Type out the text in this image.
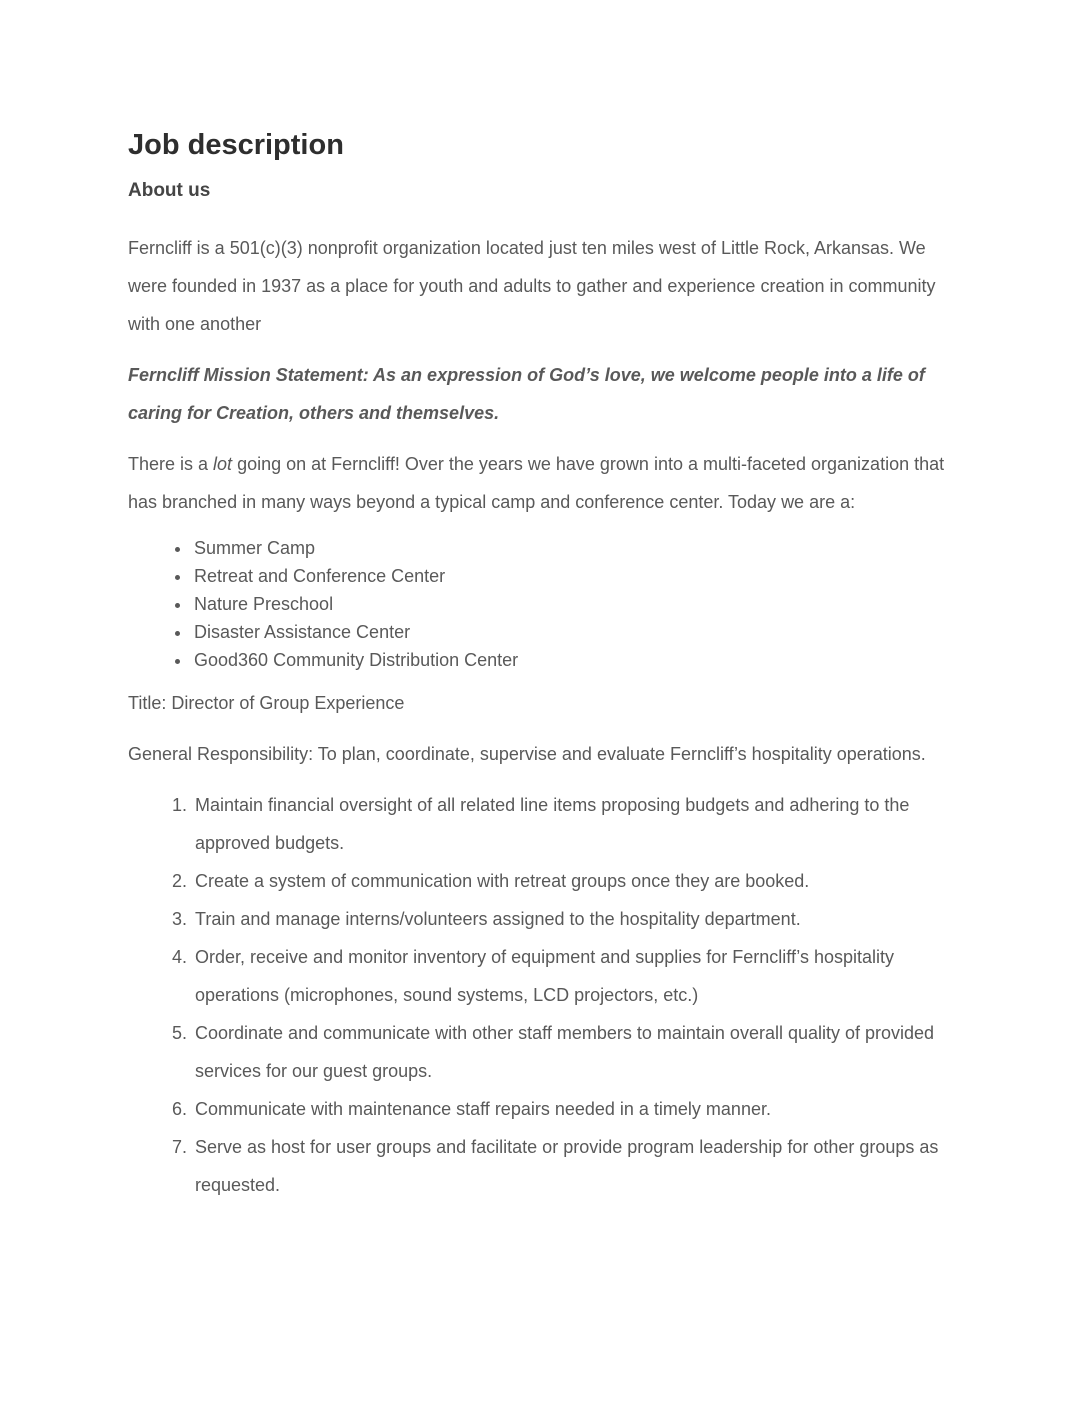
Job description
About us

Ferncliff is a 501(c)(3) nonprofit organization located just ten miles west of Little Rock, Arkansas. We were founded in 1937 as a place for youth and adults to gather and experience creation in community with one another

Ferncliff Mission Statement: As an expression of God’s love, we welcome people into a life of caring for Creation, others and themselves.

There is a lot going on at Ferncliff! Over the years we have grown into a multi-faceted organization that has branched in many ways beyond a typical camp and conference center. Today we are a:

• Summer Camp
• Retreat and Conference Center
• Nature Preschool
• Disaster Assistance Center
• Good360 Community Distribution Center

Title: Director of Group Experience

General Responsibility: To plan, coordinate, supervise and evaluate Ferncliff’s hospitality operations.

1. Maintain financial oversight of all related line items proposing budgets and adhering to the approved budgets.
2. Create a system of communication with retreat groups once they are booked.
3. Train and manage interns/volunteers assigned to the hospitality department.
4. Order, receive and monitor inventory of equipment and supplies for Ferncliff’s hospitality operations (microphones, sound systems, LCD projectors, etc.)
5. Coordinate and communicate with other staff members to maintain overall quality of provided services for our guest groups.
6. Communicate with maintenance staff repairs needed in a timely manner.
7. Serve as host for user groups and facilitate or provide program leadership for other groups as requested.
